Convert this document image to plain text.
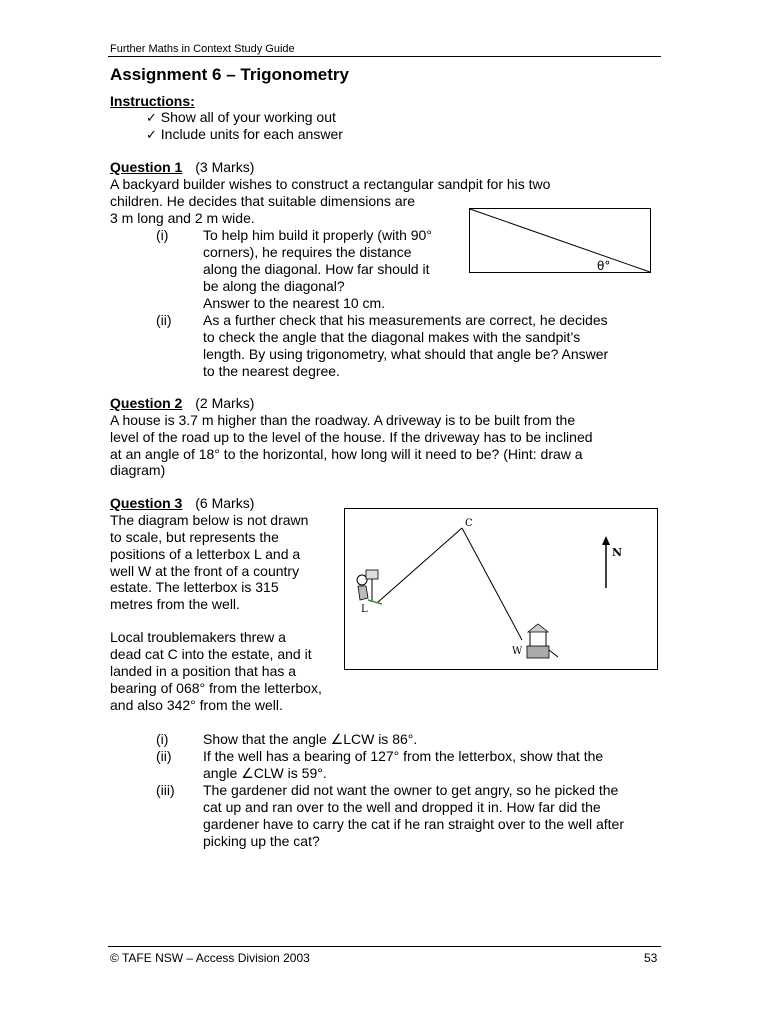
Further Maths in Context Study Guide
Assignment 6 – Trigonometry
Instructions:
✓ Show all of your working out
✓ Include units for each answer
Question 1 (3 Marks)
A backyard builder wishes to construct a rectangular sandpit for his two
children. He decides that suitable dimensions are
3 m long and 2 m wide.
(i) To help him build it properly (with 90°
corners), he requires the distance
along the diagonal. How far should it
be along the diagonal?
Answer to the nearest 10 cm.
(ii) As a further check that his measurements are correct, he decides
to check the angle that the diagonal makes with the sandpit’s
length. By using trigonometry, what should that angle be? Answer
to the nearest degree.
θ°
Question 2 (2 Marks)
A house is 3.7 m higher than the roadway. A driveway is to be built from the
level of the road up to the level of the house. If the driveway has to be inclined
at an angle of 18° to the horizontal, how long will it need to be? (Hint: draw a
diagram)
Question 3 (6 Marks)
The diagram below is not drawn
to scale, but represents the
positions of a letterbox L and a
well W at the front of a country
estate. The letterbox is 315
metres from the well.
Local troublemakers threw a
dead cat C into the estate, and it
landed in a position that has a
bearing of 068° from the letterbox,
and also 342° from the well.
C
L
W
N
(i) Show that the angle ∠LCW is 86°.
(ii) If the well has a bearing of 127° from the letterbox, show that the
angle ∠CLW is 59°.
(iii) The gardener did not want the owner to get angry, so he picked the
cat up and ran over to the well and dropped it in. How far did the
gardener have to carry the cat if he ran straight over to the well after
picking up the cat?
© TAFE NSW – Access Division 2003	53
